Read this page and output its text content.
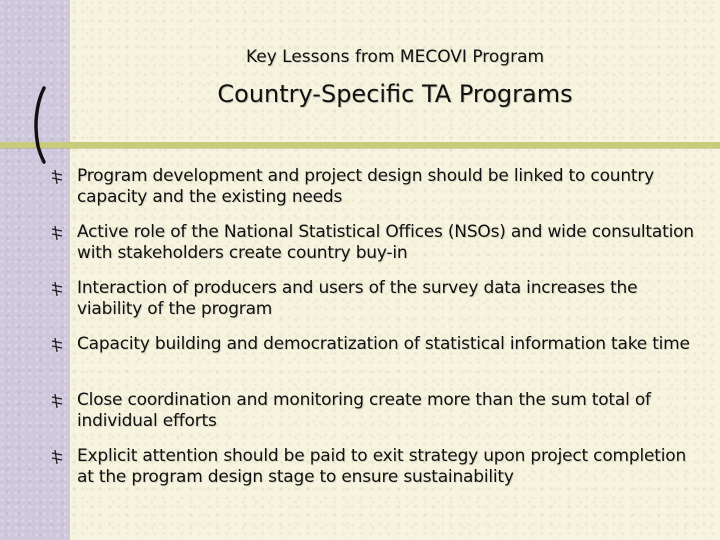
Key Lessons from MECOVI Program
Country-Specific TA Programs
Program development and project design should be linked to country capacity and the existing needs
Active role of the National Statistical Offices (NSOs) and wide consultation with stakeholders create country buy-in
Interaction of producers and users of the survey data increases the viability of the program
Capacity building and democratization of statistical information take time
Close coordination and monitoring create more than the sum total of individual efforts
Explicit attention should be paid to exit strategy upon project completion at the program design stage to ensure sustainability
